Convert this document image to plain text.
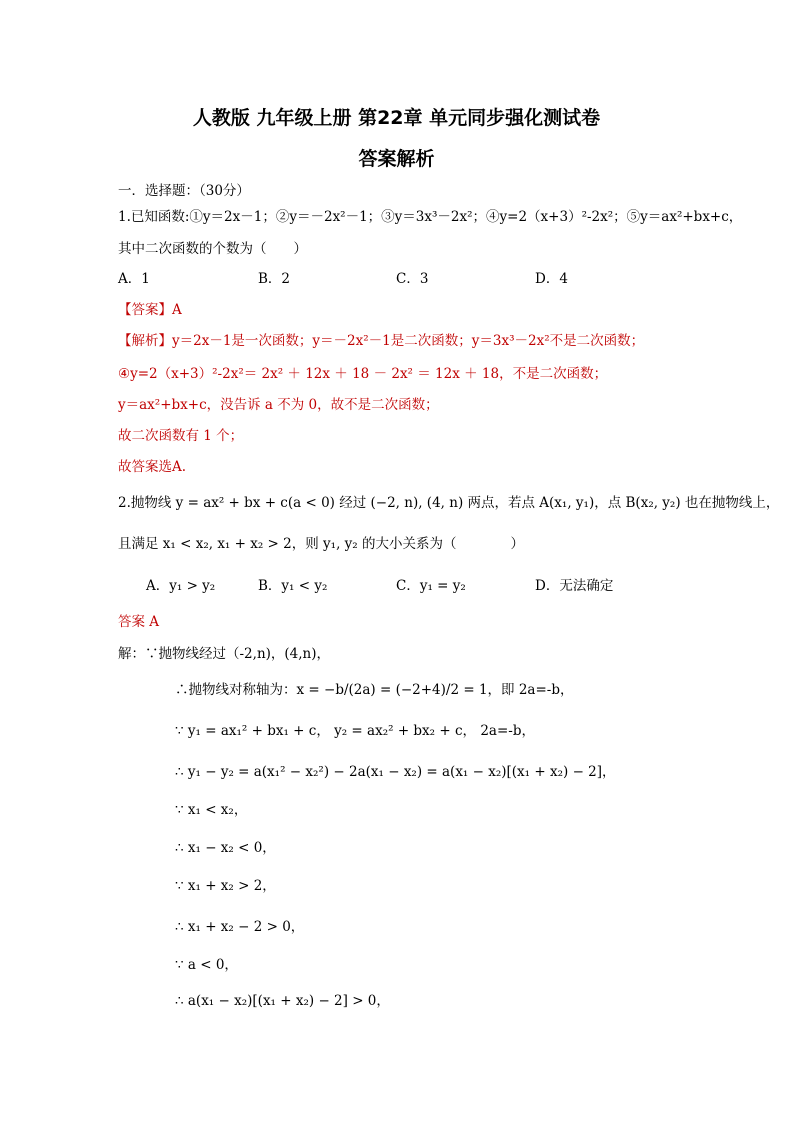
人教版 九年级上册 第22章 单元同步强化测试卷
答案解析
一．选择题：（30分）
1.已知函数:①y＝2x－1；②y＝－2x²－1；③y＝3x³－2x²；④y=2（x+3）²-2x²；⑤y＝ax²+bx+c，
其中二次函数的个数为（　　）
A．1	B．2	C．3	D．4
【答案】A
【解析】y＝2x－1是一次函数；y＝－2x²－1是二次函数；y＝3x³－2x²不是二次函数；
④y=2（x+3）²-2x²＝ 2x² ＋ 12x ＋ 18 － 2x² ＝ 12x ＋ 18，不是二次函数；
y＝ax²+bx+c，没告诉 a 不为 0，故不是二次函数；
故二次函数有 1 个；
故答案选A.
2.抛物线 y = ax² + bx + c(a < 0) 经过 (−2, n), (4, n) 两点，若点 A(x₁, y₁)，点 B(x₂, y₂) 也在抛物线上，
且满足 x₁ < x₂, x₁ + x₂ > 2，则 y₁, y₂ 的大小关系为（　　　　）
A．y₁ > y₂	B．y₁ < y₂	C．y₁ = y₂	D．无法确定
答案 A
解：∵抛物线经过（-2,n)，(4,n)，
∴抛物线对称轴为：x = −b/(2a) = (−2+4)/2 = 1，即 2a=-b，
∵ y₁ = ax₁² + bx₁ + c， y₂ = ax₂² + bx₂ + c， 2a=-b，
∴ y₁ − y₂ = a(x₁² − x₂²) − 2a(x₁ − x₂) = a(x₁ − x₂)[(x₁ + x₂) − 2]，
∵ x₁ < x₂，
∴ x₁ − x₂ < 0，
∵ x₁ + x₂ > 2，
∴ x₁ + x₂ − 2 > 0，
∵ a < 0，
∴ a(x₁ − x₂)[(x₁ + x₂) − 2] > 0，
